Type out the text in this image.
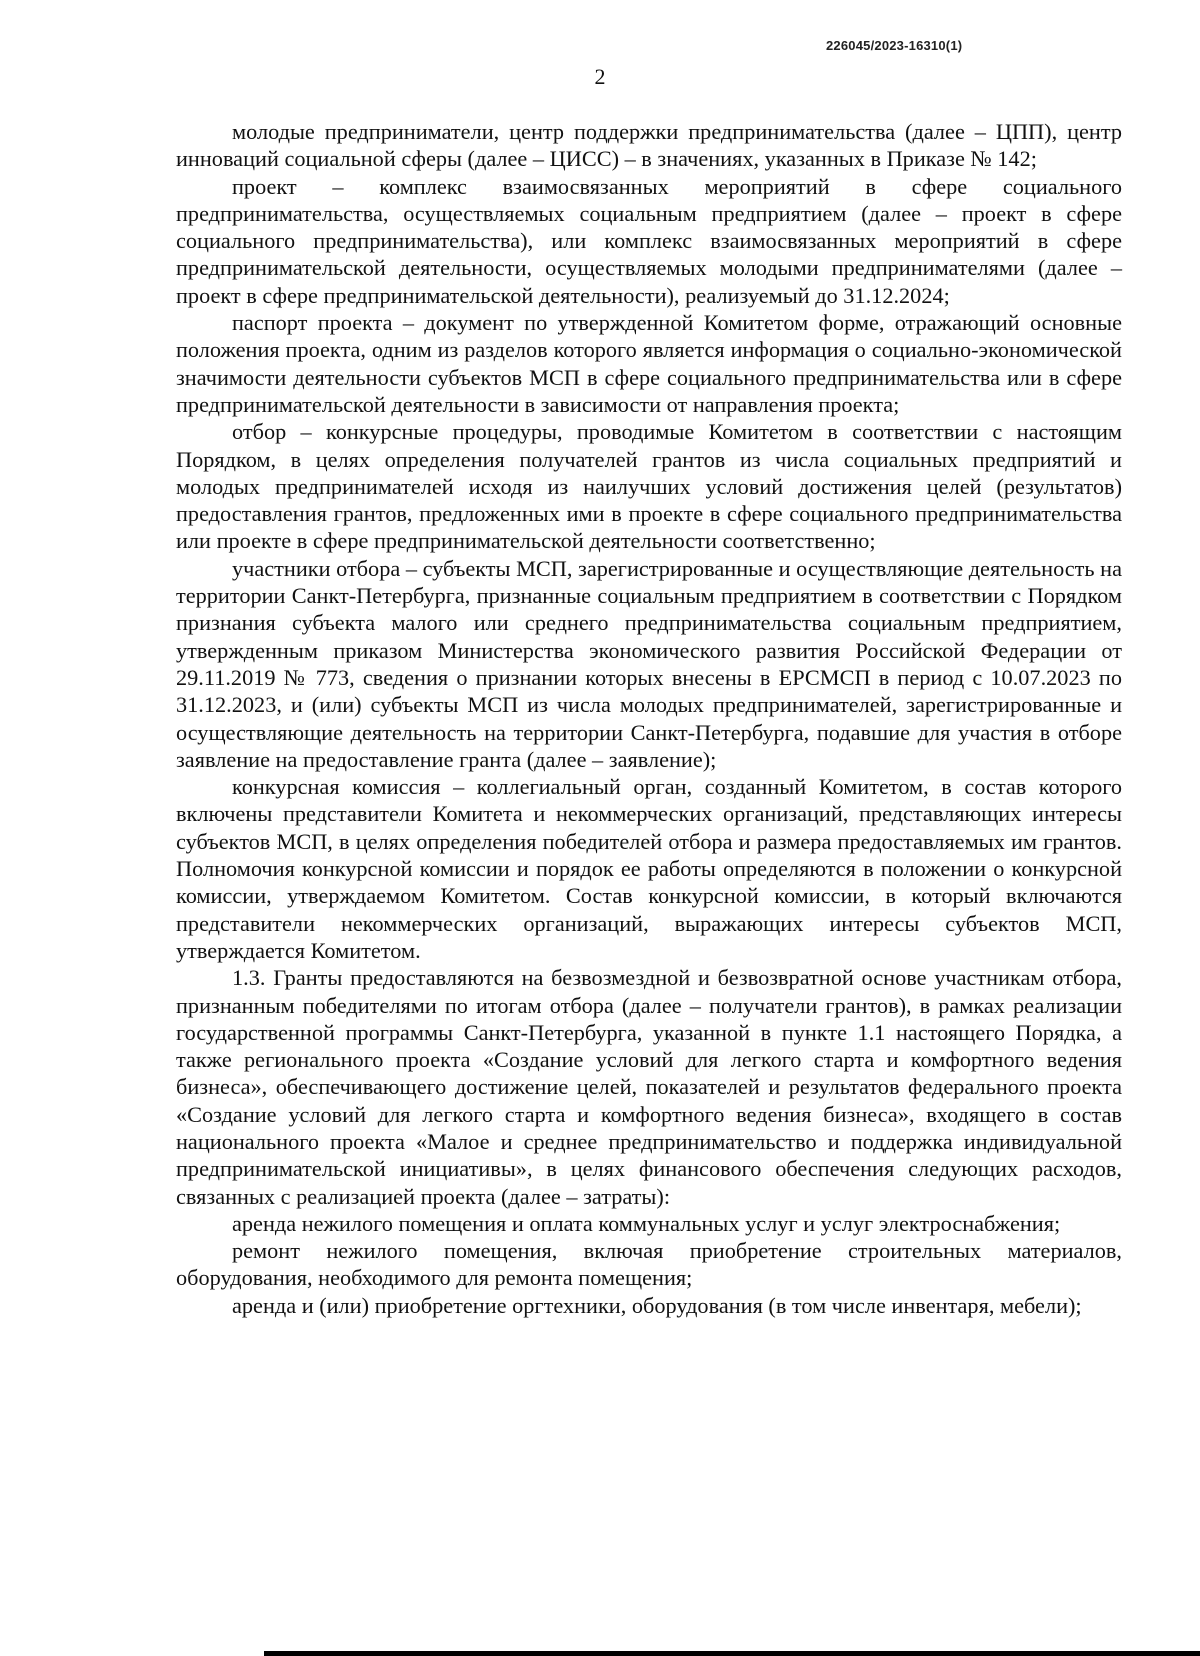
226045/2023-16310(1)
2

молодые предприниматели, центр поддержки предпринимательства (далее – ЦПП), центр инноваций социальной сферы (далее – ЦИСС) – в значениях, указанных в Приказе № 142;

проект – комплекс взаимосвязанных мероприятий в сфере социального предпринимательства, осуществляемых социальным предприятием (далее – проект в сфере социального предпринимательства), или комплекс взаимосвязанных мероприятий в сфере предпринимательской деятельности, осуществляемых молодыми предпринимателями (далее – проект в сфере предпринимательской деятельности), реализуемый до 31.12.2024;

паспорт проекта – документ по утвержденной Комитетом форме, отражающий основные положения проекта, одним из разделов которого является информация о социально-экономической значимости деятельности субъектов МСП в сфере социального предпринимательства или в сфере предпринимательской деятельности в зависимости от направления проекта;

отбор – конкурсные процедуры, проводимые Комитетом в соответствии с настоящим Порядком, в целях определения получателей грантов из числа социальных предприятий и молодых предпринимателей исходя из наилучших условий достижения целей (результатов) предоставления грантов, предложенных ими в проекте в сфере социального предпринимательства или проекте в сфере предпринимательской деятельности соответственно;

участники отбора – субъекты МСП, зарегистрированные и осуществляющие деятельность на территории Санкт-Петербурга, признанные социальным предприятием в соответствии с Порядком признания субъекта малого или среднего предпринимательства социальным предприятием, утвержденным приказом Министерства экономического развития Российской Федерации от 29.11.2019 № 773, сведения о признании которых внесены в ЕРСМСП в период с 10.07.2023 по 31.12.2023, и (или) субъекты МСП из числа молодых предпринимателей, зарегистрированные и осуществляющие деятельность на территории Санкт-Петербурга, подавшие для участия в отборе заявление на предоставление гранта (далее – заявление);

конкурсная комиссия – коллегиальный орган, созданный Комитетом, в состав которого включены представители Комитета и некоммерческих организаций, представляющих интересы субъектов МСП, в целях определения победителей отбора и размера предоставляемых им грантов. Полномочия конкурсной комиссии и порядок ее работы определяются в положении о конкурсной комиссии, утверждаемом Комитетом. Состав конкурсной комиссии, в который включаются представители некоммерческих организаций, выражающих интересы субъектов МСП, утверждается Комитетом.

1.3. Гранты предоставляются на безвозмездной и безвозвратной основе участникам отбора, признанным победителями по итогам отбора (далее – получатели грантов), в рамках реализации государственной программы Санкт-Петербурга, указанной в пункте 1.1 настоящего Порядка, а также регионального проекта «Создание условий для легкого старта и комфортного ведения бизнеса», обеспечивающего достижение целей, показателей и результатов федерального проекта «Создание условий для легкого старта и комфортного ведения бизнеса», входящего в состав национального проекта «Малое и среднее предпринимательство и поддержка индивидуальной предпринимательской инициативы», в целях финансового обеспечения следующих расходов, связанных с реализацией проекта (далее – затраты):

аренда нежилого помещения и оплата коммунальных услуг и услуг электроснабжения;

ремонт нежилого помещения, включая приобретение строительных материалов, оборудования, необходимого для ремонта помещения;

аренда и (или) приобретение оргтехники, оборудования (в том числе инвентаря, мебели);
